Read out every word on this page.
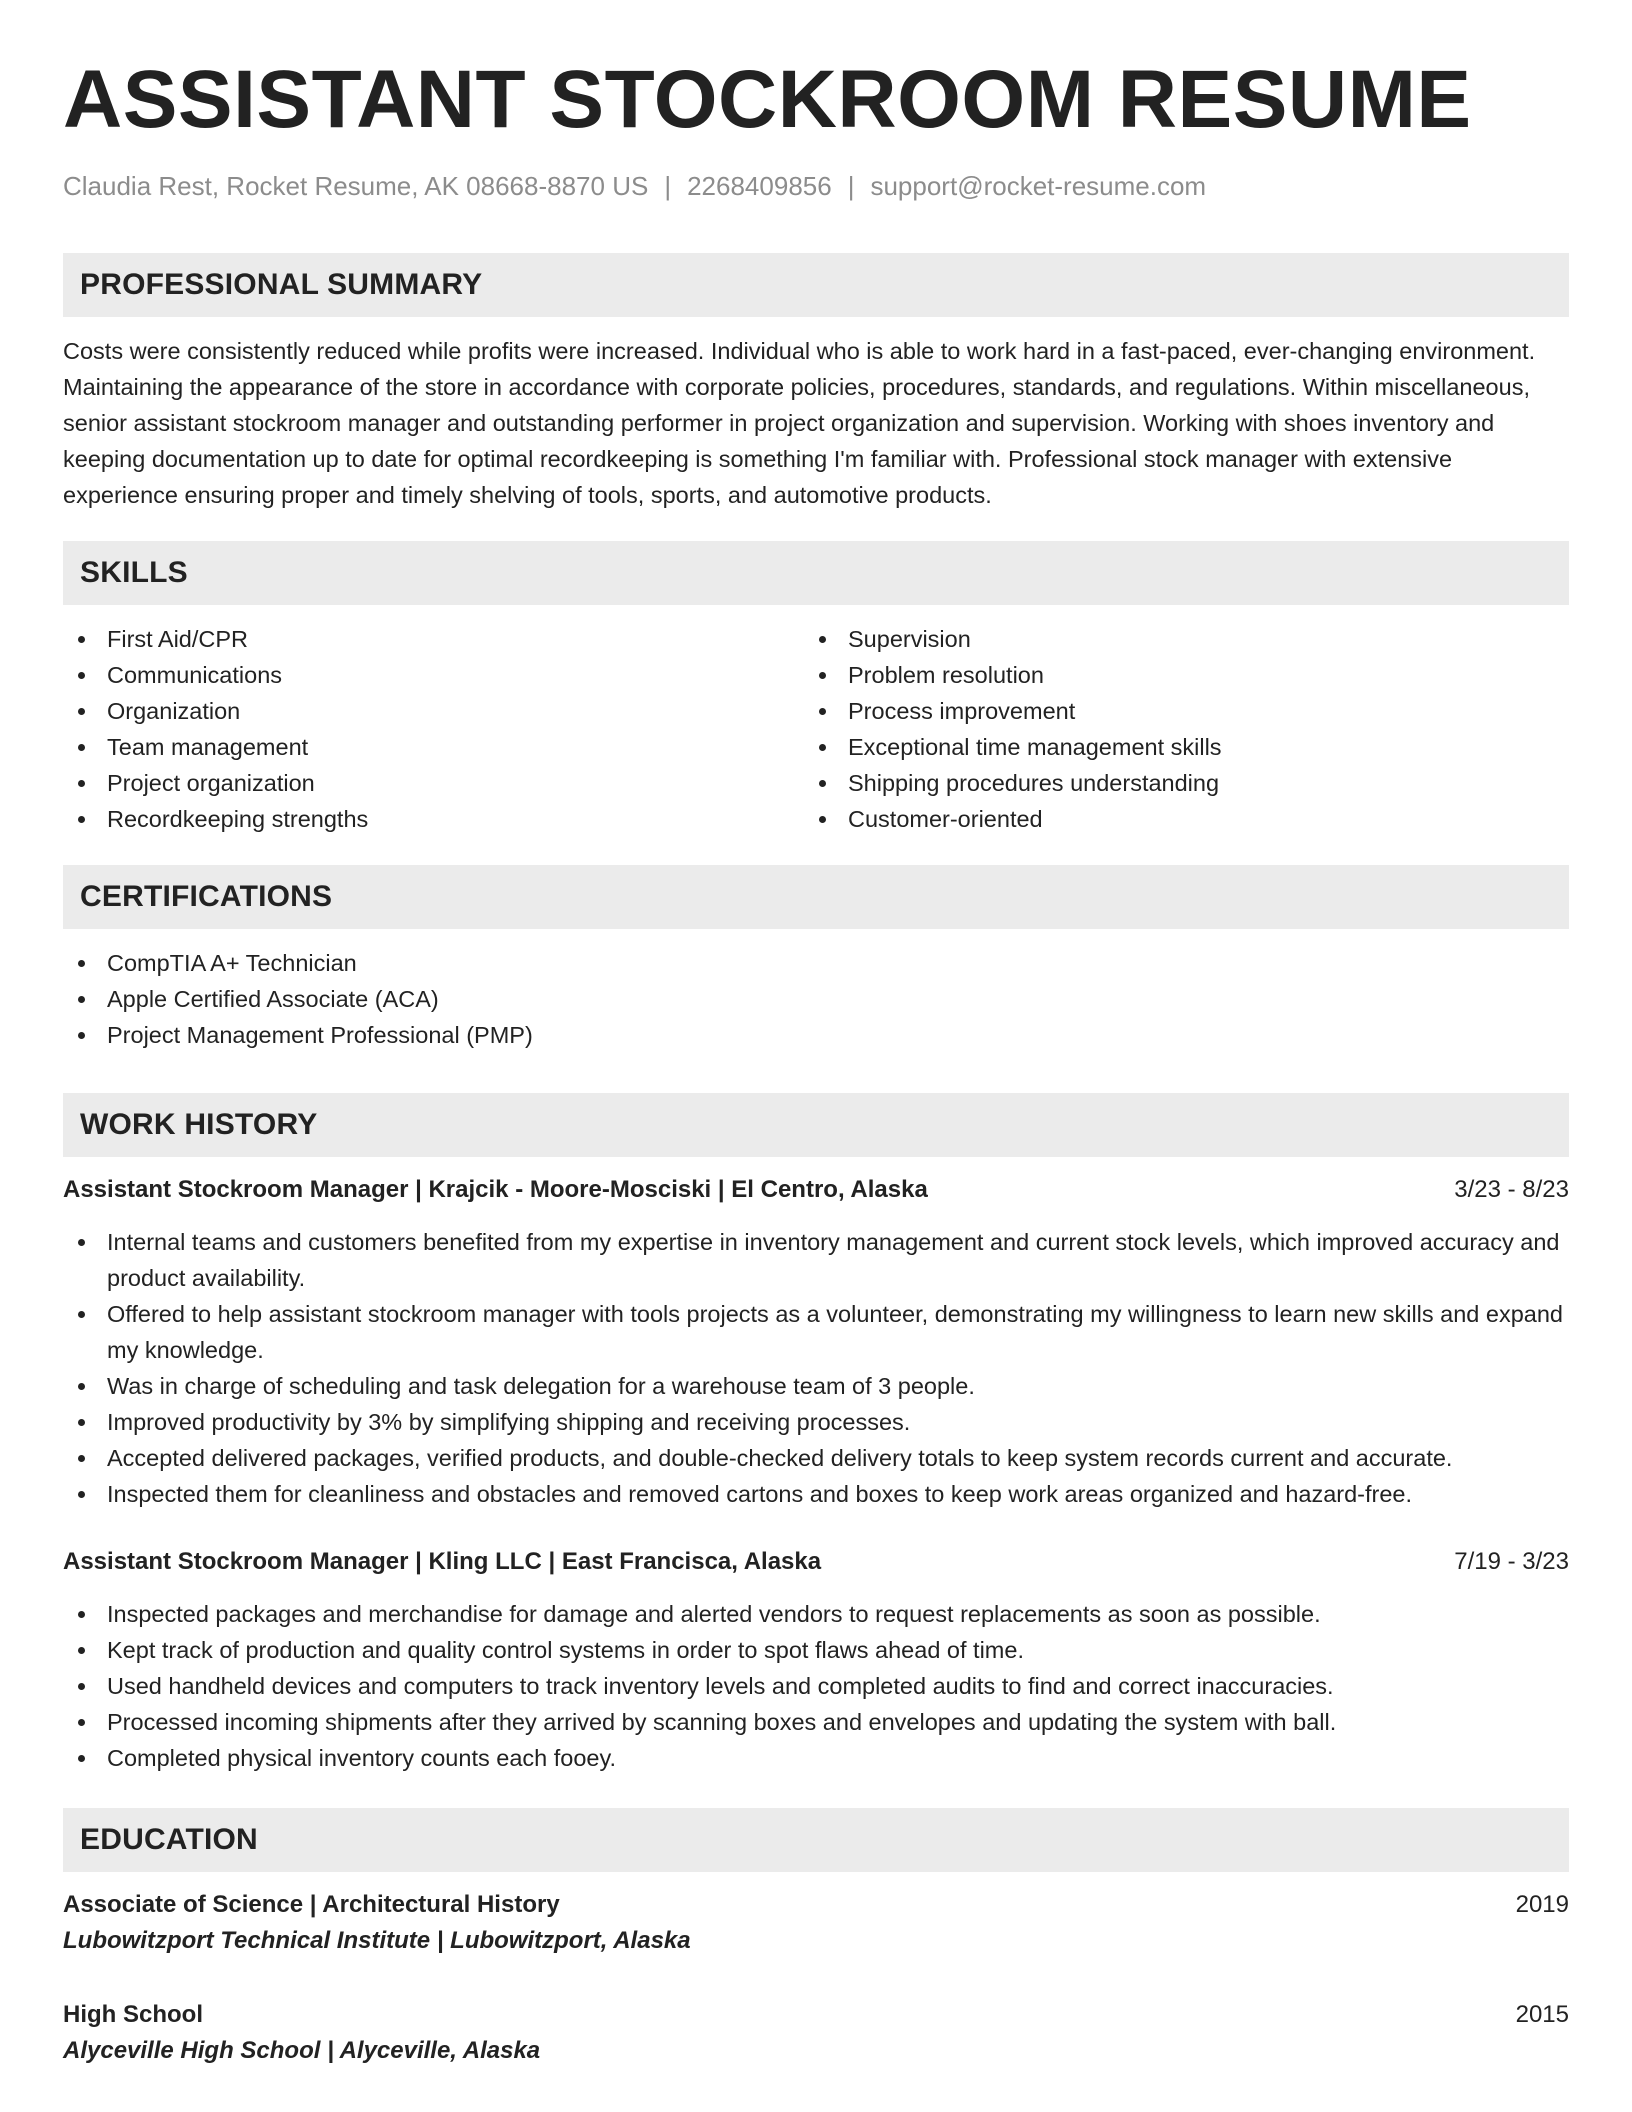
ASSISTANT STOCKROOM RESUME
Claudia Rest, Rocket Resume, AK 08668-8870 US | 2268409856 | support@rocket-resume.com
PROFESSIONAL SUMMARY

Costs were consistently reduced while profits were increased. Individual who is able to work hard in a fast-paced, ever-changing environment. Maintaining the appearance of the store in accordance with corporate policies, procedures, standards, and regulations. Within miscellaneous, senior assistant stockroom manager and outstanding performer in project organization and supervision. Working with shoes inventory and keeping documentation up to date for optimal recordkeeping is something I'm familiar with. Professional stock manager with extensive experience ensuring proper and timely shelving of tools, sports, and automotive products.

SKILLS
First Aid/CPR
Communications
Organization
Team management
Project organization
Recordkeeping strengths
Supervision
Problem resolution
Process improvement
Exceptional time management skills
Shipping procedures understanding
Customer-oriented
CERTIFICATIONS
CompTIA A+ Technician
Apple Certified Associate (ACA)
Project Management Professional (PMP)
WORK HISTORY
Assistant Stockroom Manager | Krajcik - Moore-Mosciski | El Centro, Alaska	3/23 - 8/23
Internal teams and customers benefited from my expertise in inventory management and current stock levels, which improved accuracy and product availability.
Offered to help assistant stockroom manager with tools projects as a volunteer, demonstrating my willingness to learn new skills and expand my knowledge.
Was in charge of scheduling and task delegation for a warehouse team of 3 people.
Improved productivity by 3% by simplifying shipping and receiving processes.
Accepted delivered packages, verified products, and double-checked delivery totals to keep system records current and accurate.
Inspected them for cleanliness and obstacles and removed cartons and boxes to keep work areas organized and hazard-free.
Assistant Stockroom Manager | Kling LLC | East Francisca, Alaska	7/19 - 3/23
Inspected packages and merchandise for damage and alerted vendors to request replacements as soon as possible.
Kept track of production and quality control systems in order to spot flaws ahead of time.
Used handheld devices and computers to track inventory levels and completed audits to find and correct inaccuracies.
Processed incoming shipments after they arrived by scanning boxes and envelopes and updating the system with ball.
Completed physical inventory counts each fooey.
EDUCATION
Associate of Science | Architectural History	2019
Lubowitzport Technical Institute | Lubowitzport, Alaska
High School	2015
Alyceville High School | Alyceville, Alaska
